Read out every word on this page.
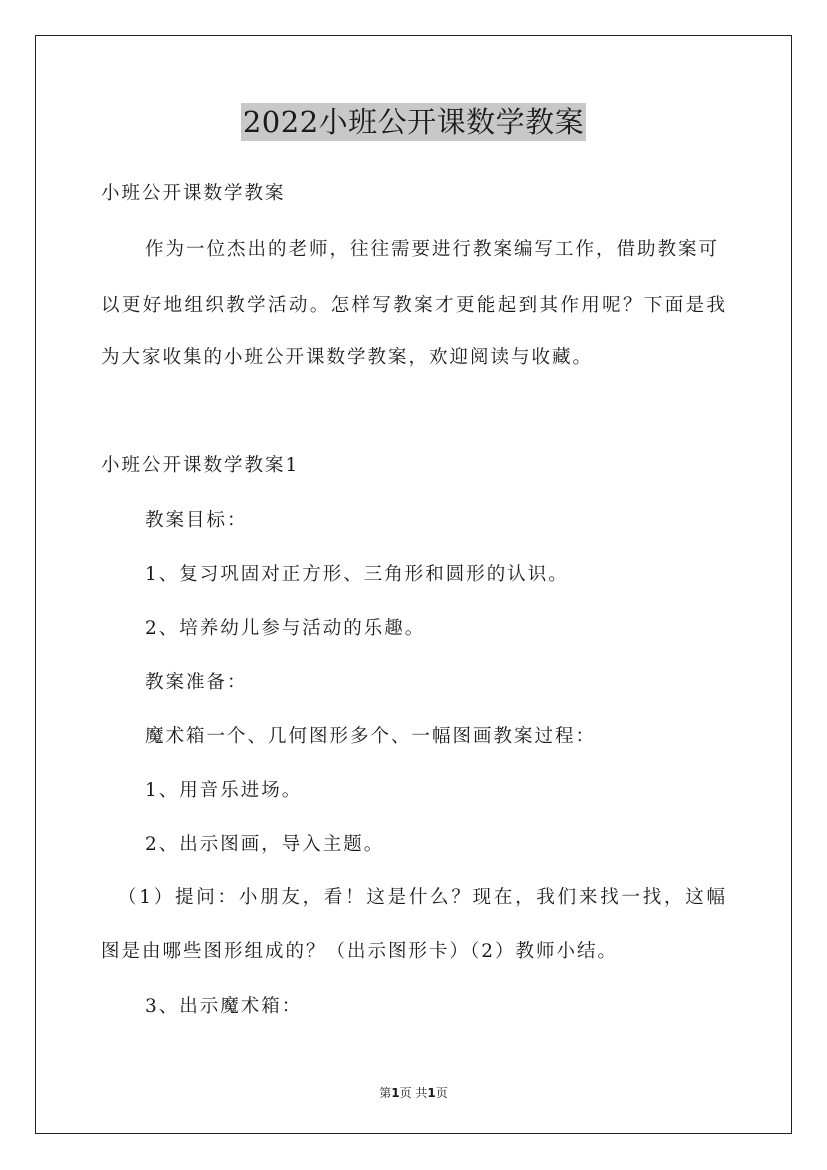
2022小班公开课数学教案
小班公开课数学教案
作为一位杰出的老师，往往需要进行教案编写工作，借助教案可
以更好地组织教学活动。怎样写教案才更能起到其作用呢？下面是我
为大家收集的小班公开课数学教案，欢迎阅读与收藏。
小班公开课数学教案1
教案目标：
1、复习巩固对正方形、三角形和圆形的认识。
2、培养幼儿参与活动的乐趣。
教案准备：
魔术箱一个、几何图形多个、一幅图画教案过程：
1、用音乐进场。
2、出示图画，导入主题。
（1）提问：小朋友，看！这是什么？现在，我们来找一找，这幅
图是由哪些图形组成的？（出示图形卡）（2）教师小结。
3、出示魔术箱：
第1页 共1页
